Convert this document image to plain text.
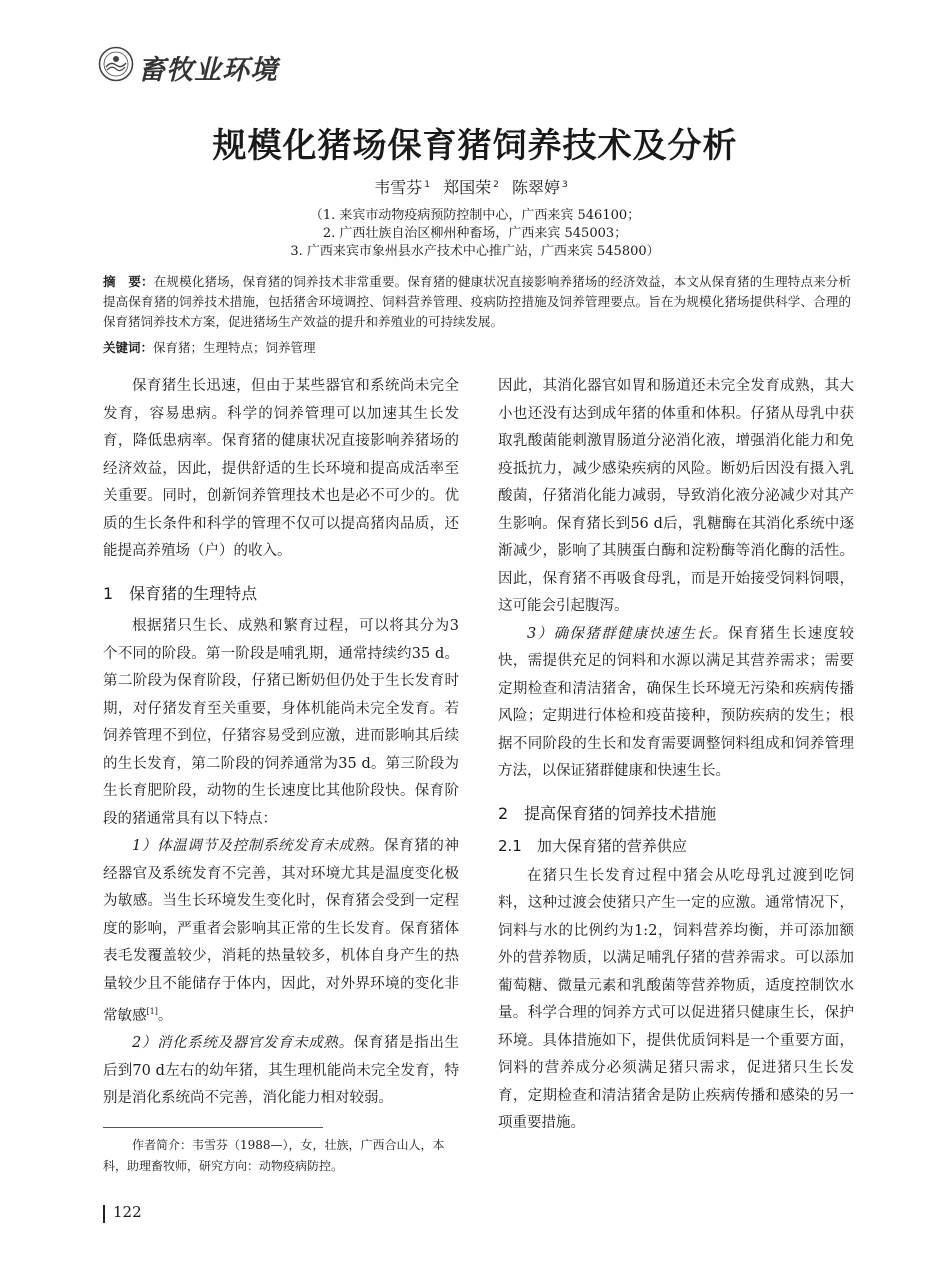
畜牧业环境
规模化猪场保育猪饲养技术及分析
韦雪芬 $^1$ 郑国荣 $^2$ 陈翠婷 $^3$
（1. 来宾市动物疫病预防控制中心，广西来宾 546100；
2. 广西壮族自治区柳州种畜场，广西来宾 545003；
3. 广西来宾市象州县水产技术中心推广站，广西来宾 545800）
摘　要：在规模化猪场，保育猪的饲养技术非常重要。保育猪的健康状况直接影响养猪场的经济效益，本文从保育猪的生理特点来分析提高保育猪的饲养技术措施，包括猪舍环境调控、饲料营养管理、疫病防控措施及饲养管理要点。旨在为规模化猪场提供科学、合理的保育猪饲养技术方案，促进猪场生产效益的提升和养殖业的可持续发展。
关键词：保育猪；生理特点；饲养管理

保育猪生长迅速，但由于某些器官和系统尚未完全发育，容易患病。科学的饲养管理可以加速其生长发育，降低患病率。保育猪的健康状况直接影响养猪场的经济效益，因此，提供舒适的生长环境和提高成活率至关重要。同时，创新饲养管理技术也是必不可少的。优质的生长条件和科学的管理不仅可以提高猪肉品质，还能提高养殖场（户）的收入。

1　保育猪的生理特点

根据猪只生长、成熟和繁育过程，可以将其分为3个不同的阶段。第一阶段是哺乳期，通常持续约35 d。第二阶段为保育阶段，仔猪已断奶但仍处于生长发育时期，对仔猪发育至关重要，身体机能尚未完全发育。若饲养管理不到位，仔猪容易受到应激，进而影响其后续的生长发育，第二阶段的饲养通常为35 d。第三阶段为生长育肥阶段，动物的生长速度比其他阶段快。保育阶段的猪通常具有以下特点：

1）体温调节及控制系统发育未成熟。保育猪的神经器官及系统发育不完善，其对环境尤其是温度变化极为敏感。当生长环境发生变化时，保育猪会受到一定程度的影响，严重者会影响其正常的生长发育。保育猪体表毛发覆盖较少，消耗的热量较多，机体自身产生的热量较少且不能储存于体内，因此，对外界环境的变化非常敏感[1]。

2）消化系统及器官发育未成熟。保育猪是指出生后到70 d左右的幼年猪，其生理机能尚未完全发育，特别是消化系统尚不完善，消化能力相对较弱。

因此，其消化器官如胃和肠道还未完全发育成熟，其大小也还没有达到成年猪的体重和体积。仔猪从母乳中获取乳酸菌能刺激胃肠道分泌消化液，增强消化能力和免疫抵抗力，减少感染疾病的风险。断奶后因没有摄入乳酸菌，仔猪消化能力减弱，导致消化液分泌减少对其产生影响。保育猪长到56 d后，乳糖酶在其消化系统中逐渐减少，影响了其胰蛋白酶和淀粉酶等消化酶的活性。因此，保育猪不再吸食母乳，而是开始接受饲料饲喂，这可能会引起腹泻。

3）确保猪群健康快速生长。保育猪生长速度较快，需提供充足的饲料和水源以满足其营养需求；需要定期检查和清洁猪舍，确保生长环境无污染和疾病传播风险；定期进行体检和疫苗接种，预防疾病的发生；根据不同阶段的生长和发育需要调整饲料组成和饲养管理方法，以保证猪群健康和快速生长。

2　提高保育猪的饲养技术措施

2.1　加大保育猪的营养供应

在猪只生长发育过程中猪会从吃母乳过渡到吃饲料，这种过渡会使猪只产生一定的应激。通常情况下，饲料与水的比例约为1:2，饲料营养均衡，并可添加额外的营养物质，以满足哺乳仔猪的营养需求。可以添加葡萄糖、微量元素和乳酸菌等营养物质，适度控制饮水量。科学合理的饲养方式可以促进猪只健康生长，保护环境。具体措施如下，提供优质饲料是一个重要方面，饲料的营养成分必须满足猪只需求，促进猪只生长发育，定期检查和清洁猪舍是防止疾病传播和感染的另一项重要措施。

作者简介：韦雪芬（1988—），女，壮族，广西合山人，本科，助理畜牧师，研究方向：动物疫病防控。
122
